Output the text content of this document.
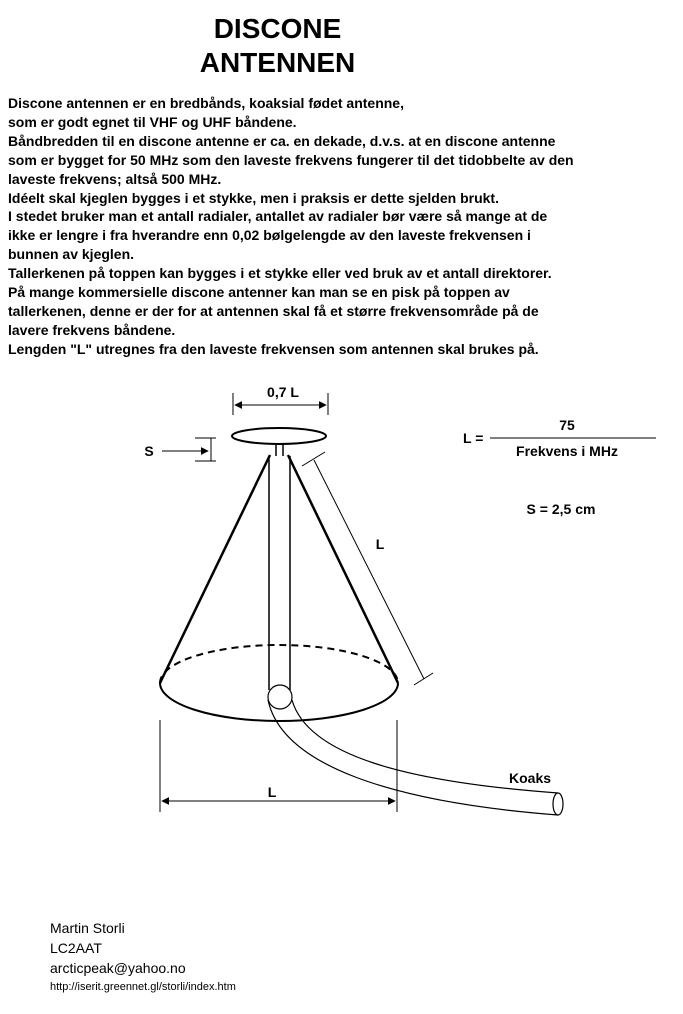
DISCONE
ANTENNEN
Discone antennen er en bredbånds, koaksial fødet antenne,
som er godt egnet til VHF og UHF båndene.
Båndbredden til en discone antenne er ca. en dekade, d.v.s. at en discone antenne
som er bygget for 50 MHz som den laveste frekvens fungerer til det tidobbelte av den
laveste frekvens; altså 500 MHz.
Idéelt skal kjeglen bygges i et stykke, men i praksis er dette sjelden brukt.
I stedet bruker man et antall radialer, antallet av radialer bør være så mange at de
ikke er lengre i fra hverandre enn 0,02 bølgelengde av den laveste frekvensen i
bunnen av kjeglen.
Tallerkenen på toppen kan bygges i et stykke eller ved bruk av et antall direktorer.
På mange kommersielle discone antenner kan man se en pisk på toppen av
tallerkenen, denne er der for at antennen skal få et større frekvensområde på de
lavere frekvens båndene.
Lengden "L" utregnes fra den laveste frekvensen som antennen skal brukes på.
0,7 L
S
L
Koaks
L
L =
75
Frekvens i MHz
S = 2,5 cm
Martin Storli
LC2AAT
arcticpeak@yahoo.no
http://iserit.greennet.gl/storli/index.htm
